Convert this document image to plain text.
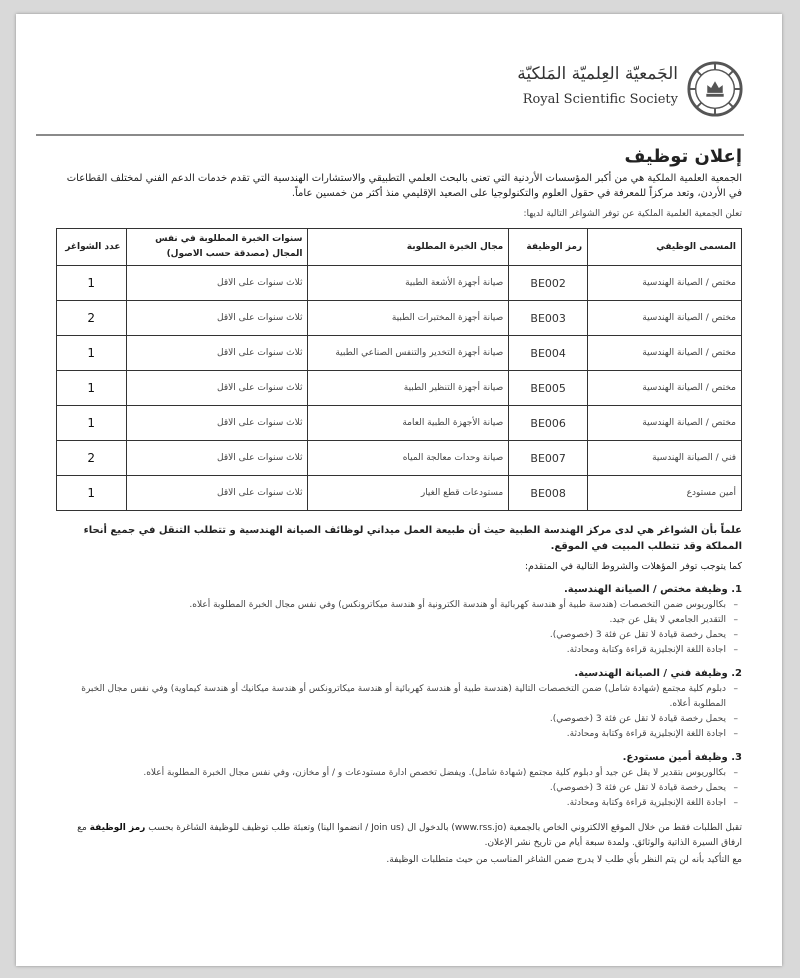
الجَمعيّة العِلميّة المَلكيّة
Royal Scientific Society
إعلان توظيف

الجمعية العلمية الملكية هي من أكبر المؤسسات الأردنية التي تعنى بالبحث العلمي التطبيقي والاستشارات الهندسية التي تقدم خدمات الدعم الفني لمختلف القطاعات في الأردن، وتعد مركزاً للمعرفة في حقول العلوم والتكنولوجيا على الصعيد الإقليمي منذ أكثر من خمسين عاماً.

تعلن الجمعية العلمية الملكية عن توفر الشواغر التالية لديها:

المسمى الوظيفي	رمز الوظيفة	مجال الخبرة المطلوبة	سنوات الخبرة المطلوبة في نفس المجال (مصدقة حسب الاصول)	عدد الشواغر
مختص / الصيانة الهندسية	BE002	صيانة أجهزة الأشعة الطبية	ثلاث سنوات على الاقل	1
مختص / الصيانة الهندسية	BE003	صيانة أجهزة المختبرات الطبية	ثلاث سنوات على الاقل	2
مختص / الصيانة الهندسية	BE004	صيانة أجهزة التخدير والتنفس الصناعي الطبية	ثلاث سنوات على الاقل	1
مختص / الصيانة الهندسية	BE005	صيانة أجهزة التنظير الطبية	ثلاث سنوات على الاقل	1
مختص / الصيانة الهندسية	BE006	صيانة الأجهزة الطبية العامة	ثلاث سنوات على الاقل	1
فني / الصيانة الهندسية	BE007	صيانة وحدات معالجة المياه	ثلاث سنوات على الاقل	2
أمين مستودع	BE008	مستودعات قطع الغيار	ثلاث سنوات على الاقل	1

علماً بأن الشواغر هي لدى مركز الهندسة الطبية حيث أن طبيعة العمل ميداني لوظائف الصيانة الهندسية و تتطلب التنقل في جميع أنحاء المملكة وقد تتطلب المبيت في الموقع.

كما يتوجب توفر المؤهلات والشروط التالية في المتقدم:

1. وظيفة مختص / الصيانة الهندسية.
– بكالوريوس ضمن التخصصات (هندسة طبية أو هندسة كهربائية أو هندسة الكترونية أو هندسة ميكاترونكس) وفي نفس مجال الخبرة المطلوبة أعلاه.
– التقدير الجامعي لا يقل عن جيد.
– يحمل رخصة قيادة لا تقل عن فئة 3 (خصوصي).
– اجادة اللغة الإنجليزية قراءة وكتابة ومحادثة.
2. وظيفة فني / الصيانة الهندسية.
– دبلوم كلية مجتمع (شهادة شامل) ضمن التخصصات التالية (هندسة طبية أو هندسة كهربائية أو هندسة ميكاترونكس أو هندسة ميكانيك أو هندسة كيماوية) وفي نفس مجال الخبرة المطلوبة أعلاه.
– يحمل رخصة قيادة لا تقل عن فئة 3 (خصوصي).
– اجادة اللغة الإنجليزية قراءة وكتابة ومحادثة.
3. وظيفة أمين مستودع.
– بكالوريوس بتقدير لا يقل عن جيد أو دبلوم كلية مجتمع (شهادة شامل). ويفضل تخصص ادارة مستودعات و / أو مخازن، وفي نفس مجال الخبرة المطلوبة أعلاه.
– يحمل رخصة قيادة لا تقل عن فئة 3 (خصوصي).
– اجادة اللغة الإنجليزية قراءة وكتابة ومحادثة.

تقبل الطلبات فقط من خلال الموقع الالكتروني الخاص بالجمعية (www.rss.jo) بالدخول ال (Join us / انضموا الينا) وتعبئة طلب توظيف للوظيفة الشاغرة بحسب رمز الوظيفة مع ارفاق السيرة الذاتية والوثائق. ولمدة سبعة أيام من تاريخ نشر الإعلان.

مع التأكيد بأنه لن يتم النظر بأي طلب لا يدرج ضمن الشاغر المناسب من حيث متطلبات الوظيفة.
